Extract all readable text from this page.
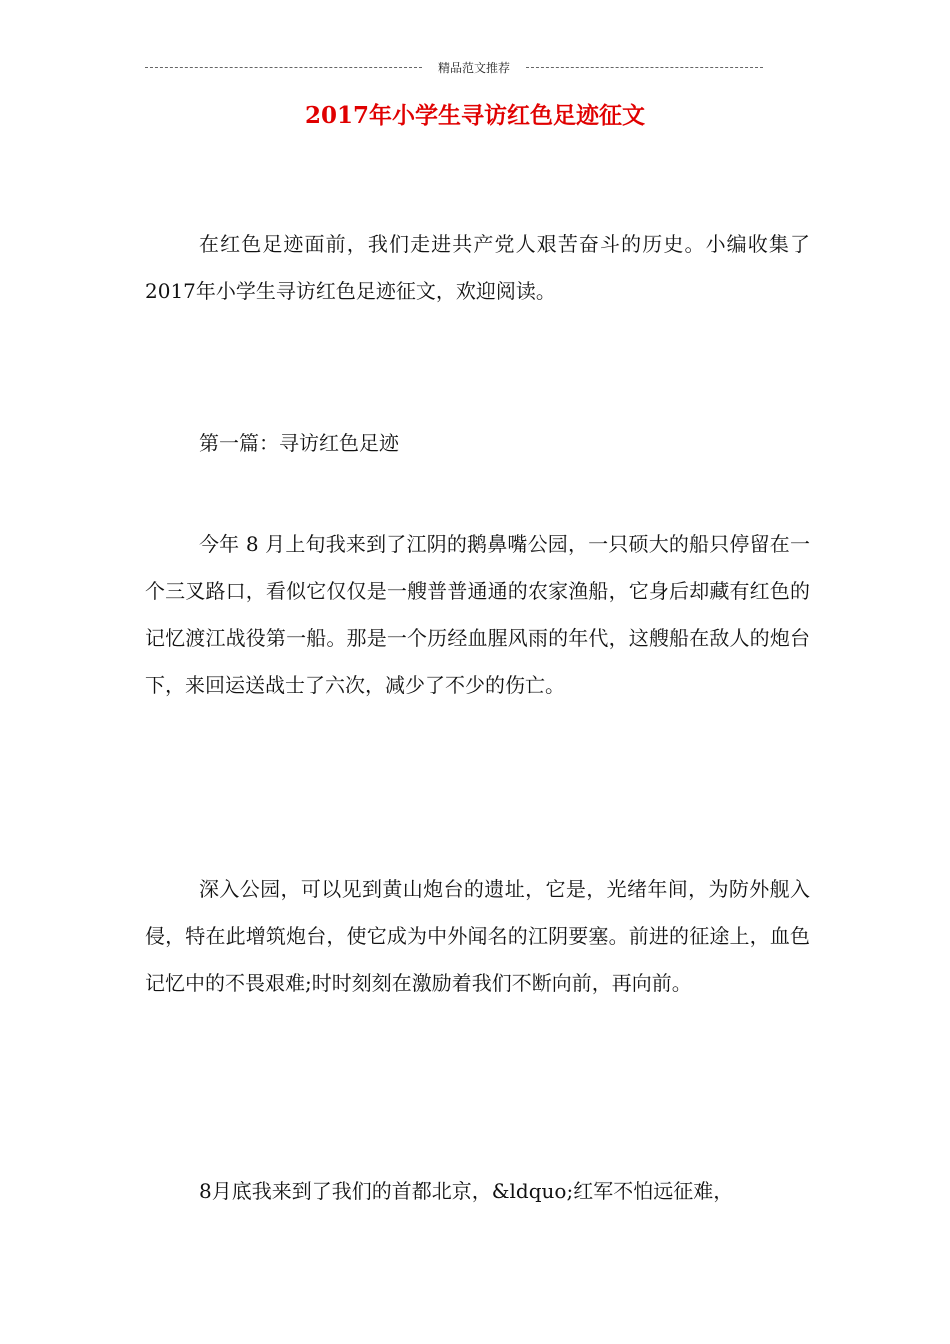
精品范文推荐
2017年小学生寻访红色足迹征文

在红色足迹面前，我们走进共产党人艰苦奋斗的历史。小编收集了2017年小学生寻访红色足迹征文，欢迎阅读。

第一篇：寻访红色足迹

今年 8 月上旬我来到了江阴的鹅鼻嘴公园，一只硕大的船只停留在一个三叉路口，看似它仅仅是一艘普普通通的农家渔船，它身后却藏有红色的记忆渡江战役第一船。那是一个历经血腥风雨的年代，这艘船在敌人的炮台下，来回运送战士了六次，减少了不少的伤亡。

深入公园，可以见到黄山炮台的遗址，它是，光绪年间，为防外舰入侵，特在此增筑炮台，使它成为中外闻名的江阴要塞。前进的征途上，血色记忆中的不畏艰难;时时刻刻在激励着我们不断向前，再向前。

8月底我来到了我们的首都北京，&ldquo;红军不怕远征难，
